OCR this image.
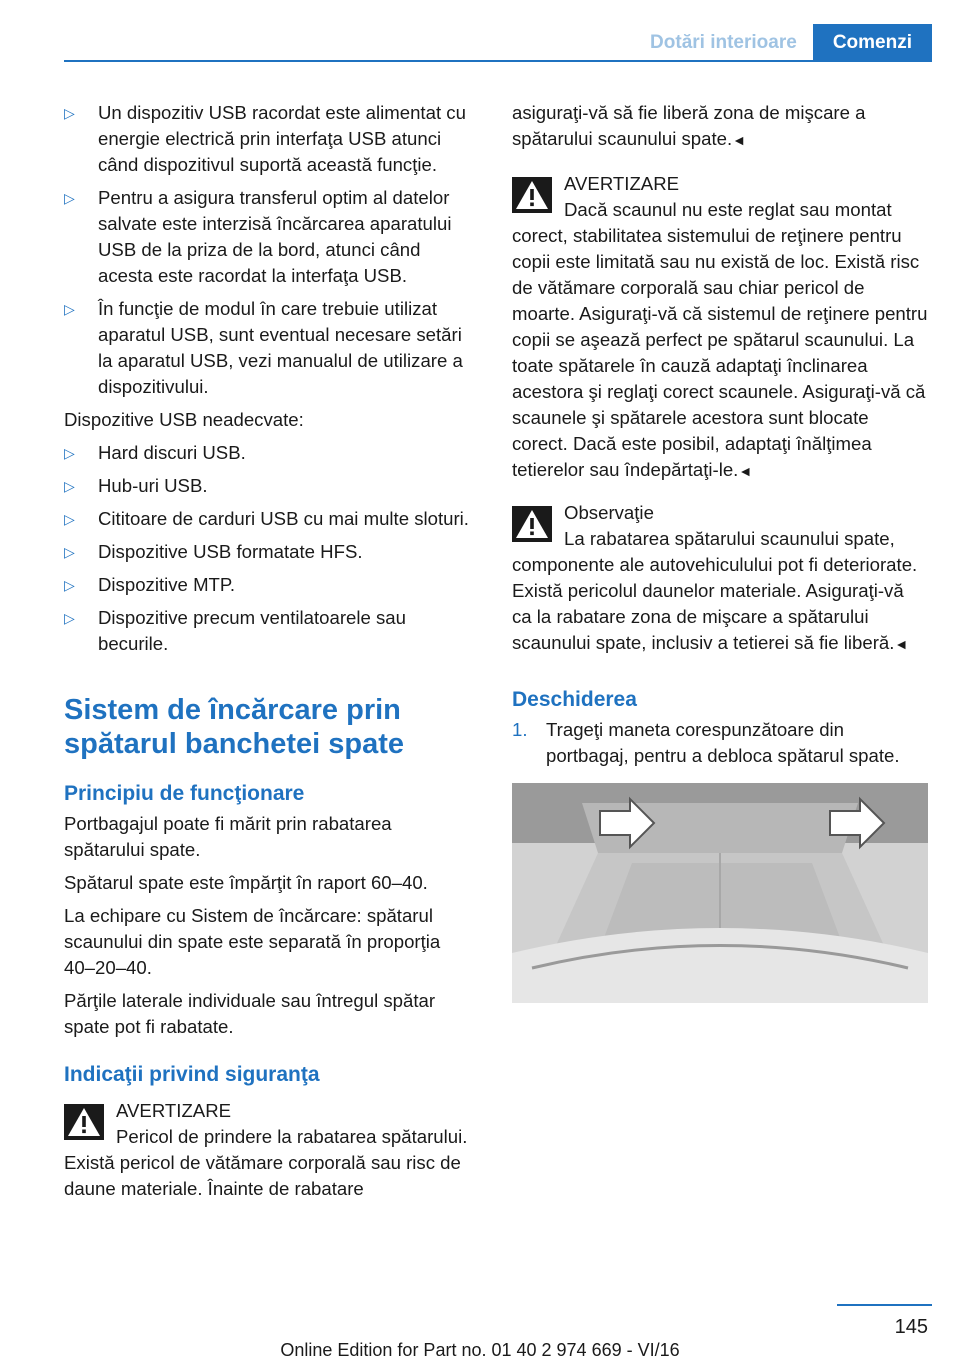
Dotări interioare	Comenzi
▷	Un dispozitiv USB racordat este alimentat cu energie electrică prin interfaţa USB atunci când dispozitivul suportă această funcţie.
▷	Pentru a asigura transferul optim al datelor salvate este interzisă încărcarea aparatului USB de la priza de la bord, atunci când acesta este racordat la interfaţa USB.
▷	În funcţie de modul în care trebuie utilizat aparatul USB, sunt eventual necesare setări la aparatul USB, vezi manualul de utilizare a dispozitivului.

Dispozitive USB neadecvate:

▷	Hard discuri USB.
▷	Hub-uri USB.
▷	Cititoare de carduri USB cu mai multe sloturi.
▷	Dispozitive USB formatate HFS.
▷	Dispozitive MTP.
▷	Dispozitive precum ventilatoarele sau becurile.
Sistem de încărcare prin spătarul banchetei spate
Principiu de funcţionare

Portbagajul poate fi mărit prin rabatarea spătarului spate.

Spătarul spate este împărţit în raport 60–40.

La echipare cu Sistem de încărcare: spătarul scaunului din spate este separată în proporţia 40–20–40.

Părţile laterale individuale sau întregul spătar spate pot fi rabatate.

Indicaţii privind siguranţa
AVERTIZARE
Pericol de prindere la rabatarea spătarului. Există pericol de vătămare corporală sau risc de daune materiale. Înainte de rabatare

asiguraţi-vă să fie liberă zona de mişcare a spătarului scaunului spate.◄

AVERTIZARE
Dacă scaunul nu este reglat sau montat corect, stabilitatea sistemului de reţinere pentru copii este limitată sau nu există de loc. Există risc de vătămare corporală sau chiar pericol de moarte. Asiguraţi-vă că sistemul de reţinere pentru copii se aşează perfect pe spătarul scaunului. La toate spătarele în cauză adaptaţi înclinarea acestora şi reglaţi corect scaunele. Asiguraţi-vă că scaunele şi spătarele acestora sunt blocate corect. Dacă este posibil, adaptaţi înălţimea tetierelor sau îndepărtaţi-le.◄
Observaţie
La rabatarea spătarului scaunului spate, componente ale autovehiculului pot fi deteriorate. Există pericolul daunelor materiale. Asiguraţi-vă ca la rabatare zona de mişcare a spătarului scaunului spate, inclusiv a tetierei să fie liberă.◄
Deschiderea
1. Trageţi maneta corespunzătoare din portbagaj, pentru a debloca spătarul spate.
145
Online Edition for Part no. 01 40 2 974 669 - VI/16
